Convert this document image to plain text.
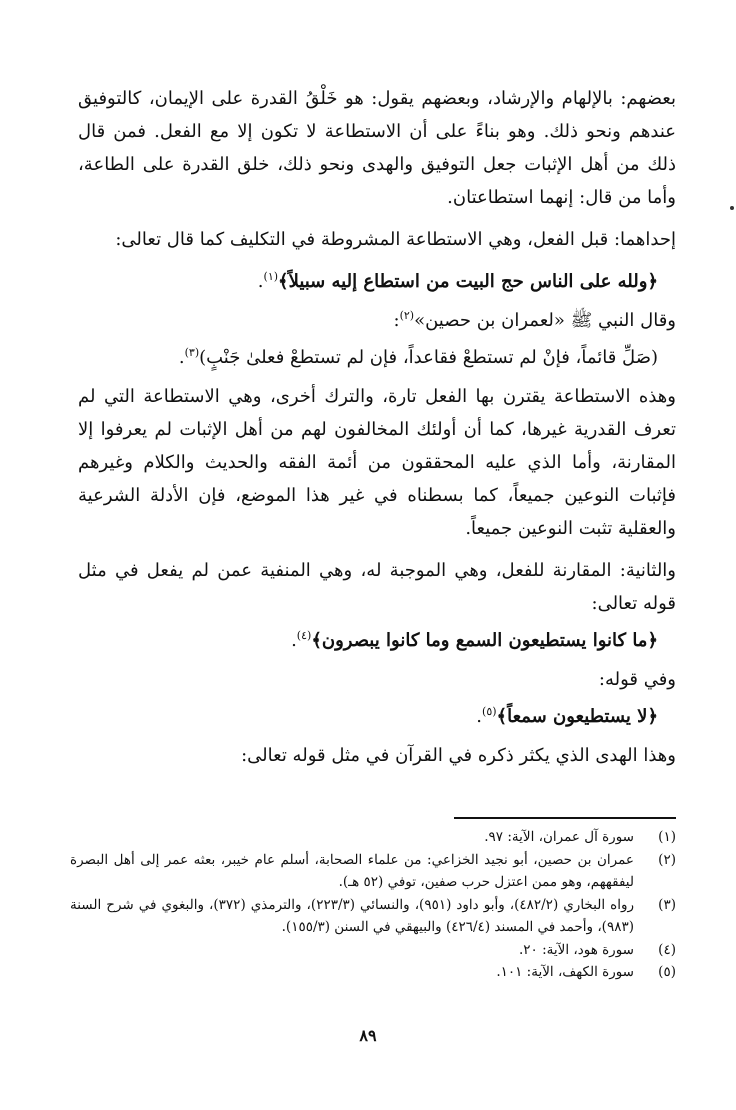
بعضهم: بالإلهام والإرشاد، وبعضهم يقول: هو خَلْقُ القدرة على الإيمان، كالتوفيق عندهم ونحو ذلك. وهو بناءً على أن الاستطاعة لا تكون إلا مع الفعل. فمن قال ذلك من أهل الإثبات جعل التوفيق والهدى ونحو ذلك، خلق القدرة على الطاعة، وأما من قال: إنهما استطاعتان.

إحداهما: قبل الفعل، وهي الاستطاعة المشروطة في التكليف كما قال تعالى:

﴿ولله على الناس حج البيت من استطاع إليه سبيلاً﴾$^{(١)}$.

وقال النبي ﷺ «لعمران بن حصين»$^{(٢)}$:

(صَلِّ قائماً، فإنْ لم تستطعْ فقاعداً، فإن لم تستطعْ فعلىٰ جَنْبٍ)$^{(٣)}$.

وهذه الاستطاعة يقترن بها الفعل تارة، والترك أخرى، وهي الاستطاعة التي لم تعرف القدرية غيرها، كما أن أولئك المخالفون لهم من أهل الإثبات لم يعرفوا إلا المقارنة، وأما الذي عليه المحققون من أئمة الفقه والحديث والكلام وغيرهم فإثبات النوعين جميعاً، كما بسطناه في غير هذا الموضع، فإن الأدلة الشرعية والعقلية تثبت النوعين جميعاً.

والثانية: المقارنة للفعل، وهي الموجبة له، وهي المنفية عمن لم يفعل في مثل قوله تعالى:

﴿ما كانوا يستطيعون السمع وما كانوا يبصرون﴾$^{(٤)}$.

وفي قوله:

﴿لا يستطيعون سمعاً﴾$^{(٥)}$.

وهذا الهدى الذي يكثر ذكره في القرآن في مثل قوله تعالى:

(١)
سورة آل عمران، الآية: ٩٧.
(٢)
عمران بن حصين، أبو نجيد الخزاعي: من علماء الصحابة، أسلم عام خيبر، بعثه عمر إلى أهل البصرة ليفقههم، وهو ممن اعتزل حرب صفين، توفي (٥٢ هـ).
(٣)
رواه البخاري (٤٨٢/٢)، وأبو داود (٩٥١)، والنسائي (٢٢٣/٣)، والترمذي (٣٧٢)، والبغوي في شرح السنة (٩٨٣)، وأحمد في المسند (٤٢٦/٤) والبيهقي في السنن (١٥٥/٣).
(٤)
سورة هود، الآية: ٢٠.
(٥)
سورة الكهف، الآية: ١٠١.
٨٩
